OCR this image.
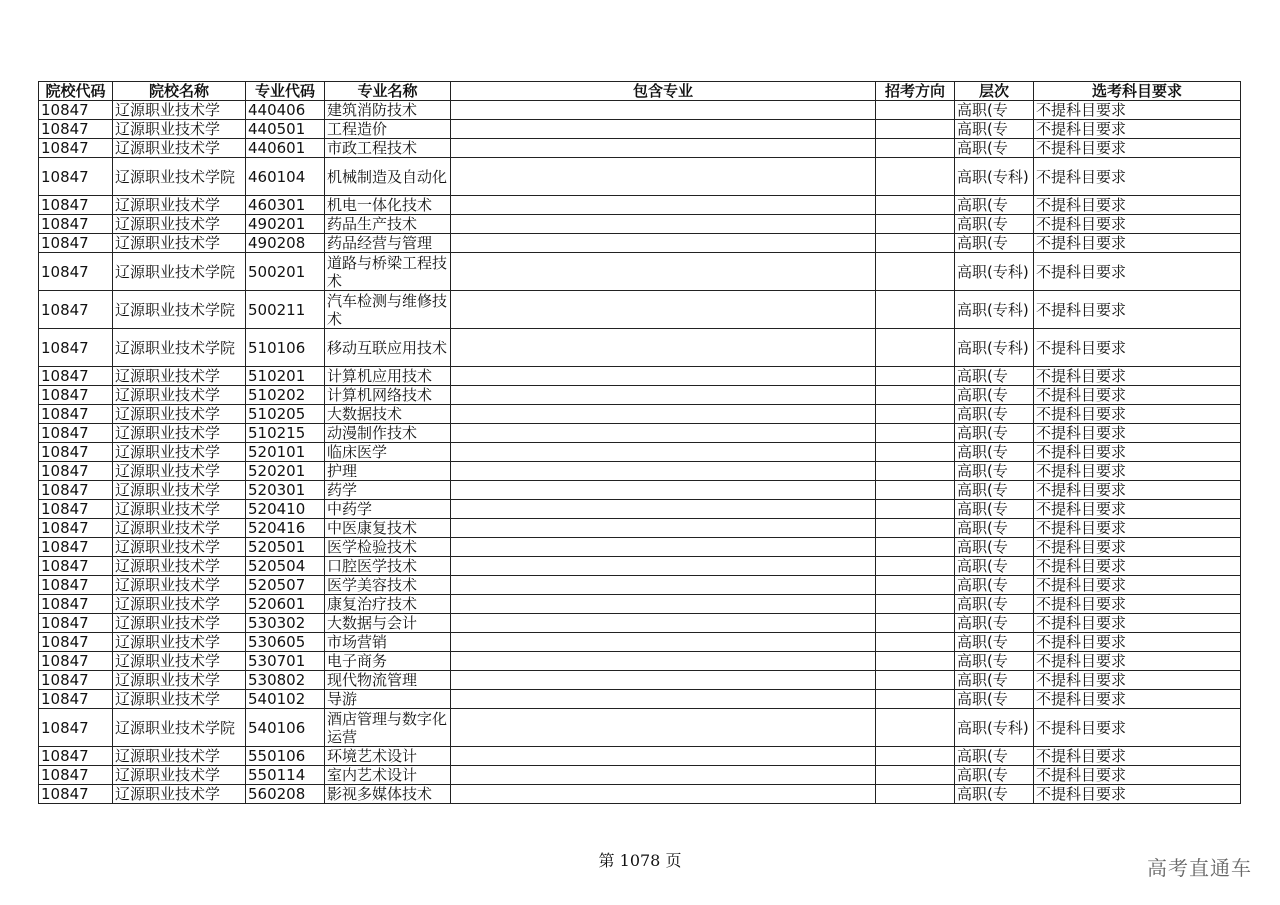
院校代码	院校名称	专业代码	专业名称	包含专业	招考方向	层次	选考科目要求
10847	辽源职业技术学	440406	建筑消防技术			高职(专	不提科目要求
10847	辽源职业技术学	440501	工程造价			高职(专	不提科目要求
10847	辽源职业技术学	440601	市政工程技术			高职(专	不提科目要求
10847	辽源职业技术学院	460104	机械制造及自动化			高职(专科)	不提科目要求
10847	辽源职业技术学	460301	机电一体化技术			高职(专	不提科目要求
10847	辽源职业技术学	490201	药品生产技术			高职(专	不提科目要求
10847	辽源职业技术学	490208	药品经营与管理			高职(专	不提科目要求
10847	辽源职业技术学院	500201	道路与桥梁工程技术			高职(专科)	不提科目要求
10847	辽源职业技术学院	500211	汽车检测与维修技术			高职(专科)	不提科目要求
10847	辽源职业技术学院	510106	移动互联应用技术			高职(专科)	不提科目要求
10847	辽源职业技术学	510201	计算机应用技术			高职(专	不提科目要求
10847	辽源职业技术学	510202	计算机网络技术			高职(专	不提科目要求
10847	辽源职业技术学	510205	大数据技术			高职(专	不提科目要求
10847	辽源职业技术学	510215	动漫制作技术			高职(专	不提科目要求
10847	辽源职业技术学	520101	临床医学			高职(专	不提科目要求
10847	辽源职业技术学	520201	护理			高职(专	不提科目要求
10847	辽源职业技术学	520301	药学			高职(专	不提科目要求
10847	辽源职业技术学	520410	中药学			高职(专	不提科目要求
10847	辽源职业技术学	520416	中医康复技术			高职(专	不提科目要求
10847	辽源职业技术学	520501	医学检验技术			高职(专	不提科目要求
10847	辽源职业技术学	520504	口腔医学技术			高职(专	不提科目要求
10847	辽源职业技术学	520507	医学美容技术			高职(专	不提科目要求
10847	辽源职业技术学	520601	康复治疗技术			高职(专	不提科目要求
10847	辽源职业技术学	530302	大数据与会计			高职(专	不提科目要求
10847	辽源职业技术学	530605	市场营销			高职(专	不提科目要求
10847	辽源职业技术学	530701	电子商务			高职(专	不提科目要求
10847	辽源职业技术学	530802	现代物流管理			高职(专	不提科目要求
10847	辽源职业技术学	540102	导游			高职(专	不提科目要求
10847	辽源职业技术学院	540106	酒店管理与数字化运营			高职(专科)	不提科目要求
10847	辽源职业技术学	550106	环境艺术设计			高职(专	不提科目要求
10847	辽源职业技术学	550114	室内艺术设计			高职(专	不提科目要求
10847	辽源职业技术学	560208	影视多媒体技术			高职(专	不提科目要求
第 1078 页	高考直通车
